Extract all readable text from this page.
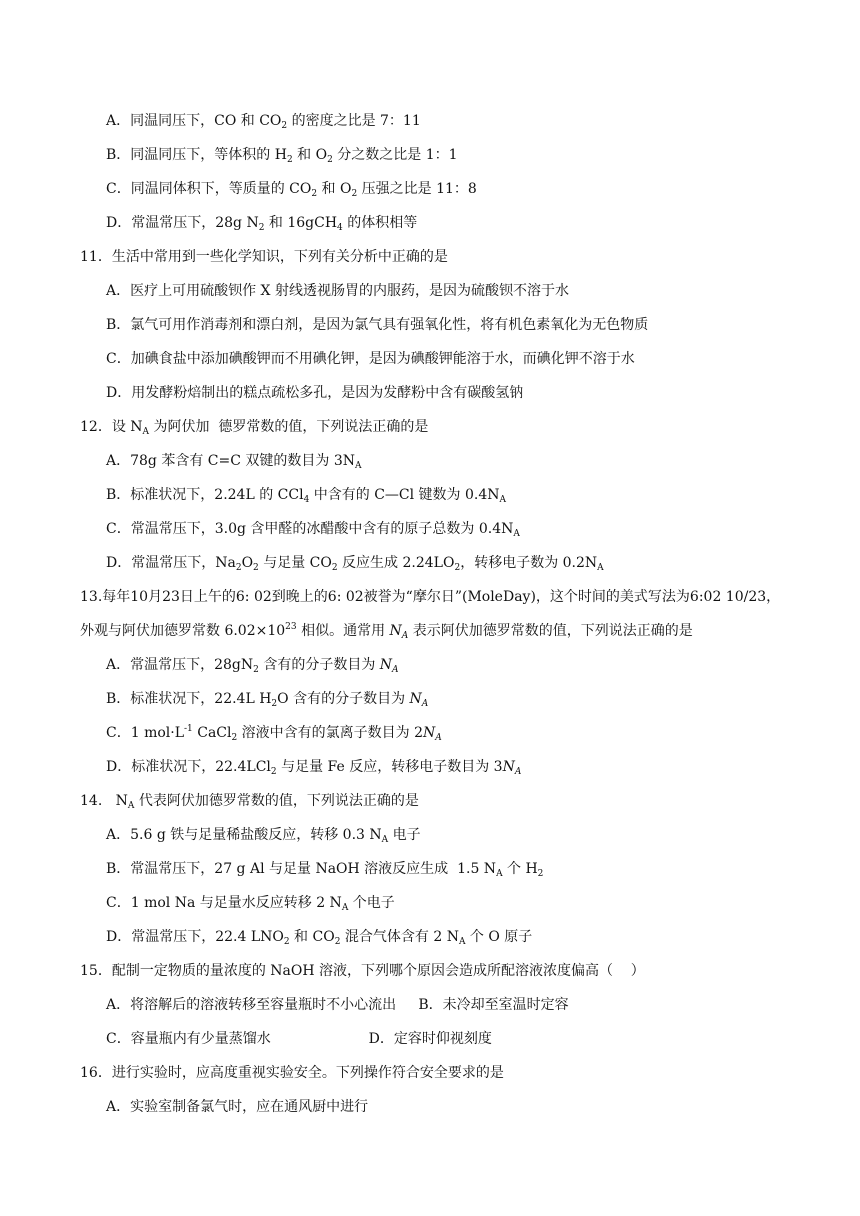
A．同温同压下，CO 和 $CO_2$ 的密度之比是 7：11
B．同温同压下，等体积的 $H_2$ 和 $O_2$ 分之数之比是 1：1
C．同温同体积下，等质量的 $CO_2$ 和 $O_2$ 压强之比是 11：8
D．常温常压下，28g $N_2$ 和 16gCH$_4$ 的体积相等
11．生活中常用到一些化学知识，下列有关分析中正确的是
A．医疗上可用硫酸钡作 X 射线透视肠胃的内服药，是因为硫酸钡不溶于水
B．氯气可用作消毒剂和漂白剂，是因为氯气具有强氧化性，将有机色素氧化为无色物质
C．加碘食盐中添加碘酸钾而不用碘化钾，是因为碘酸钾能溶于水，而碘化钾不溶于水
D．用发酵粉焙制出的糕点疏松多孔，是因为发酵粉中含有碳酸氢钠
12．设 $N_A$ 为阿伏加  德罗常数的值，下列说法正确的是
A．78g 苯含有 C=C 双键的数目为 $3N_A$
B．标准状况下，2.24L 的 CCl$_4$ 中含有的 C—Cl 键数为 $0.4N_A$
C．常温常压下，3.0g 含甲醛的冰醋酸中含有的原子总数为 $0.4N_A$
D．常温常压下，$Na_2O_2$ 与足量 $CO_2$ 反应生成 $2.24LO_2$，转移电子数为 $0.2N_A$
13.每年10月23日上午的6: 02到晚上的6: 02被誉为“摩尔日”(MoleDay)，这个时间的美式写法为6:02 10/23，
外观与阿伏加德罗常数 $6.02\times 10^{23}$ 相似。通常用 $N_A$ 表示阿伏加德罗常数的值，下列说法正确的是
A．常温常压下，$28gN_2$ 含有的分子数目为 $N_A$
B．标准状况下，22.4L $H_2O$ 含有的分子数目为 $N_A$
C．1 $mol\cdot L^{-1}$ CaCl$_2$ 溶液中含有的氯离子数目为 $2N_A$
D．标准状况下，22.4LCl$_2$ 与足量 Fe 反应，转移电子数目为 $3N_A$
14.   $N_A$ 代表阿伏加德罗常数的值，下列说法正确的是
A．5.6 g 铁与足量稀盐酸反应，转移 0.3 $N_A$ 电子
B．常温常压下，27 g Al 与足量 NaOH 溶液反应生成  1.5 $N_A$ 个 $H_2$
C．1 mol Na 与足量水反应转移 2 $N_A$ 个电子
D．常温常压下，22.4 $LNO_2$ 和 $CO_2$ 混合气体含有 2 $N_A$ 个 O 原子
15．配制一定物质的量浓度的 NaOH 溶液，下列哪个原因会造成所配溶液浓度偏高（    ）
A．将溶解后的溶液转移至容量瓶时不小心流出     B．未冷却至室温时定容
C．容量瓶内有少量蒸馏水                      D．定容时仰视刻度
16．进行实验时，应高度重视实验安全。下列操作符合安全要求的是
A．实验室制备氯气时，应在通风厨中进行
